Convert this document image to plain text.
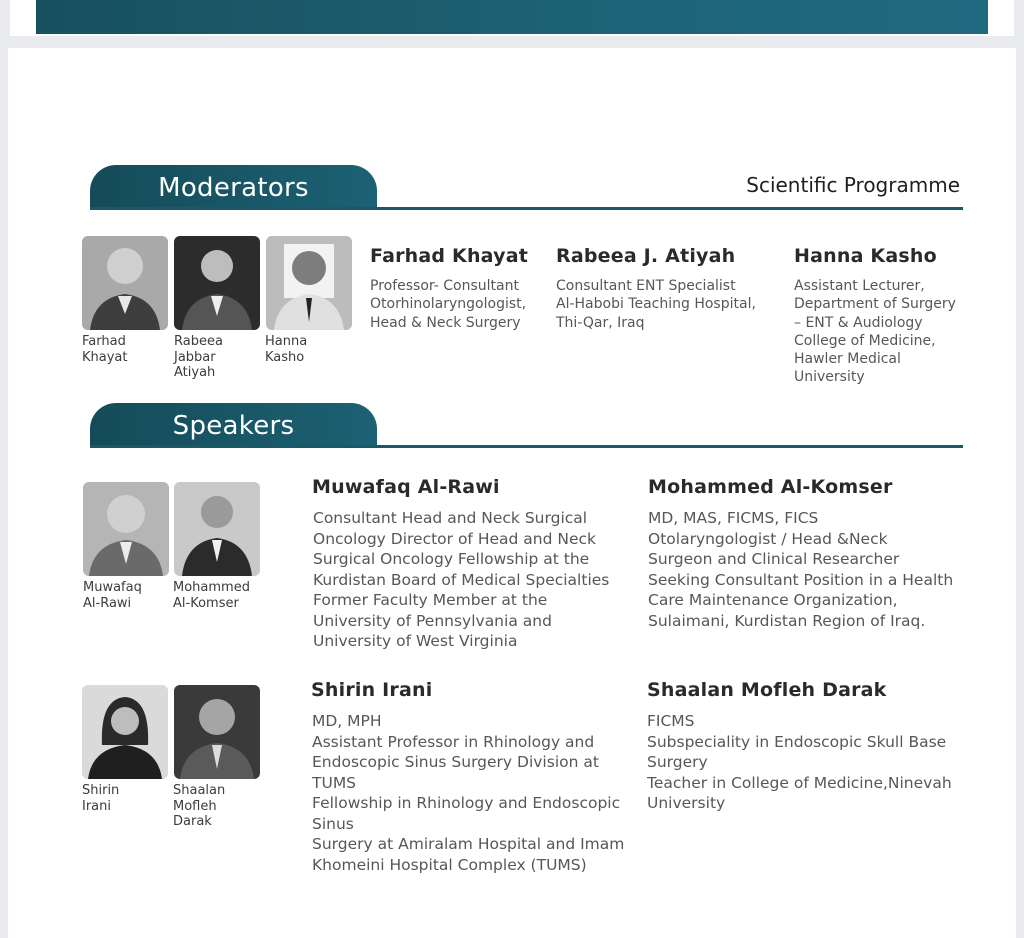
Moderators	Scientific Programme
Farhad
Khayat
Rabeea
Jabbar
Atiyah
Hanna
Kasho
Farhad Khayat
Professor- Consultant
Otorhinolaryngologist,
Head & Neck Surgery
Rabeea J. Atiyah
Consultant ENT Specialist
Al-Habobi Teaching Hospital,
Thi-Qar, Iraq
Hanna Kasho
Assistant Lecturer,
Department of Surgery
– ENT & Audiology
College of Medicine,
Hawler Medical
University
Speakers
Muwafaq
Al-Rawi
Mohammed
Al-Komser
Shirin
Irani
Shaalan
Mofleh
Darak
Muwafaq Al-Rawi
Consultant Head and Neck Surgical
Oncology Director of Head and Neck
Surgical Oncology Fellowship at the
Kurdistan Board of Medical Specialties
Former Faculty Member at the
University of Pennsylvania and
University of West Virginia
Mohammed Al-Komser
MD, MAS, FICMS, FICS
Otolaryngologist / Head &Neck
Surgeon and Clinical Researcher
Seeking Consultant Position in a Health
Care Maintenance Organization,
Sulaimani, Kurdistan Region of Iraq.
Shirin Irani
MD, MPH
Assistant Professor in Rhinology and
Endoscopic Sinus Surgery Division at
TUMS
Fellowship in Rhinology and Endoscopic
Sinus
Surgery at Amiralam Hospital and Imam
Khomeini Hospital Complex (TUMS)
Shaalan Mofleh Darak
FICMS
Subspeciality in Endoscopic Skull Base
Surgery
Teacher in College of Medicine,Ninevah
University
